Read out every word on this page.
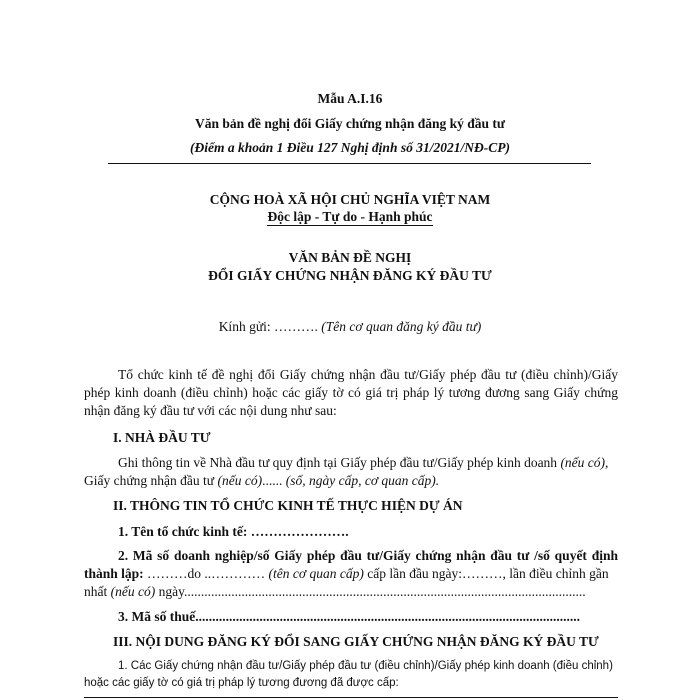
Mẫu A.I.16
Văn bản đề nghị đổi Giấy chứng nhận đăng ký đầu tư
(Điểm a khoản 1 Điều 127 Nghị định số 31/2021/NĐ-CP)
CỘNG HOÀ XÃ HỘI CHỦ NGHĨA VIỆT NAM
Độc lập - Tự do - Hạnh phúc
VĂN BẢN ĐỀ NGHỊ
ĐỔI GIẤY CHỨNG NHẬN ĐĂNG KÝ ĐẦU TƯ
Kính gửi: ………. (Tên cơ quan đăng ký đầu tư)
Tổ chức kinh tế đề nghị đổi Giấy chứng nhận đầu tư/Giấy phép đầu tư (điều chỉnh)/Giấy
phép kinh doanh (điều chỉnh) hoặc các giấy tờ có giá trị pháp lý tương đương sang Giấy chứng
nhận đăng ký đầu tư với các nội dung như sau:
I. NHÀ ĐẦU TƯ
Ghi thông tin về Nhà đầu tư quy định tại Giấy phép đầu tư/Giấy phép kinh doanh (nếu có),
Giấy chứng nhận đầu tư (nếu có)...... (số, ngày cấp, cơ quan cấp).
II. THÔNG TIN TỔ CHỨC KINH TẾ THỰC HIỆN DỰ ÁN
1. Tên tổ chức kinh tế: ………………….
2. Mã số doanh nghiệp/số Giấy phép đầu tư/Giấy chứng nhận đầu tư /số quyết định
thành lập: ………do ..………… (tên cơ quan cấp) cấp lần đầu ngày:………, lần điều chỉnh gần
nhất (nếu có) ngày.......................................................................................................................
3. Mã số thuế..................................................................................................................
III. NỘI DUNG ĐĂNG KÝ ĐỔI SANG GIẤY CHỨNG NHẬN ĐĂNG KÝ ĐẦU TƯ
1. Các Giấy chứng nhận đầu tư/Giấy phép đầu tư (điều chỉnh)/Giấy phép kinh doanh (điều chỉnh)
hoặc các giấy tờ có giá trị pháp lý tương đương đã được cấp:
